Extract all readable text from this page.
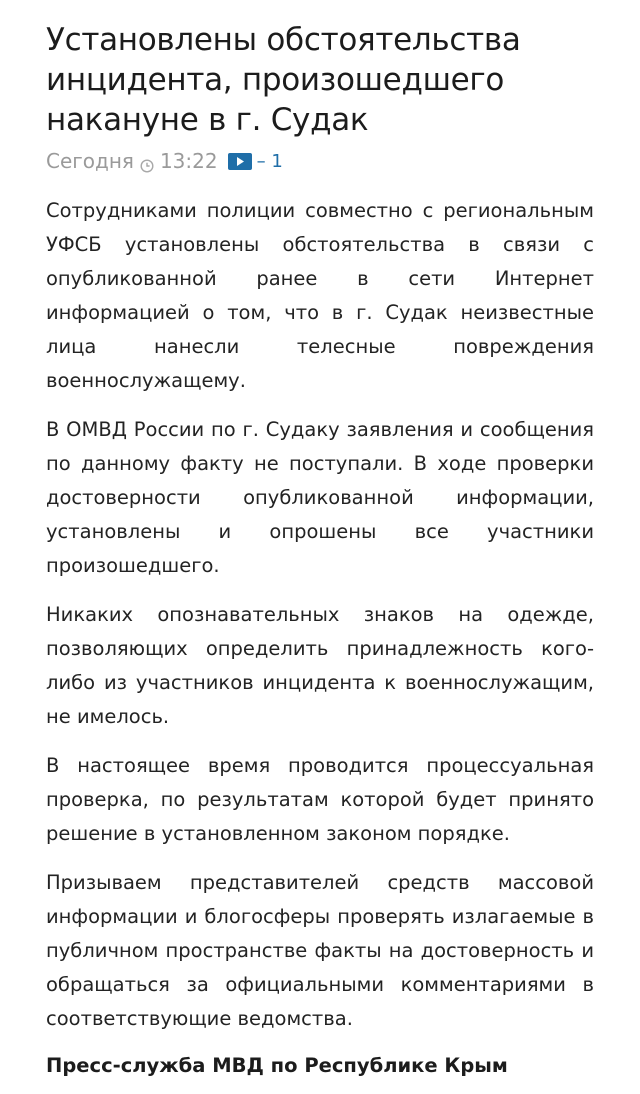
Установлены обстоятельства инцидента, произошедшего накануне в г. Судак
Сегодня 13:22 – 1

Сотрудниками полиции совместно с региональным УФСБ установлены обстоятельства в связи с опубликованной ранее в сети Интернет информацией о том, что в г. Судак неизвестные лица нанесли телесные повреждения военнослужащему.

В ОМВД России по г. Судаку заявления и сообщения по данному факту не поступали. В ходе проверки достоверности опубликованной информации, установлены и опрошены все участники произошедшего.

Никаких опознавательных знаков на одежде, позволяющих определить принадлежность кого-либо из участников инцидента к военнослужащим, не имелось.

В настоящее время проводится процессуальная проверка, по результатам которой будет принято решение в установленном законом порядке.

Призываем представителей средств массовой информации и блогосферы проверять излагаемые в публичном пространстве факты на достоверность и обращаться за официальными комментариями в соответствующие ведомства.

Пресс-служба МВД по Республике Крым
